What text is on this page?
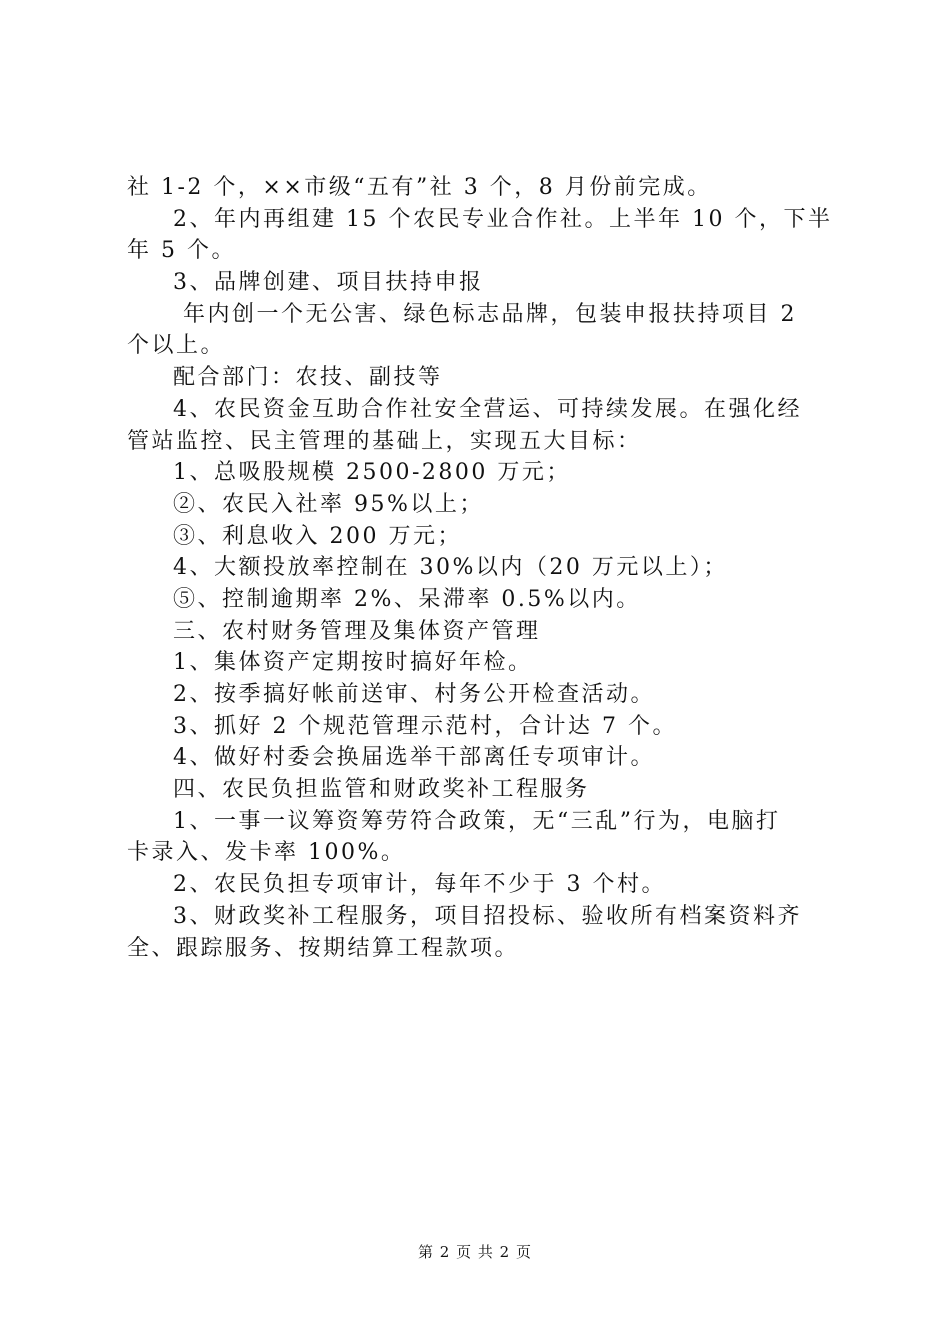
社 1-2 个，××市级“五有”社 3 个，8 月份前完成。
2、年内再组建 15 个农民专业合作社。上半年 10 个，下半
年 5 个。
3、品牌创建、项目扶持申报
年内创一个无公害、绿色标志品牌，包装申报扶持项目 2
个以上。
配合部门：农技、副技等
4、农民资金互助合作社安全营运、可持续发展。在强化经
管站监控、民主管理的基础上，实现五大目标：
1、总吸股规模 2500-2800 万元；
②、农民入社率 95%以上；
③、利息收入 200 万元；
4、大额投放率控制在 30%以内（20 万元以上）；
⑤、控制逾期率 2%、呆滞率 0.5%以内。
三、农村财务管理及集体资产管理
1、集体资产定期按时搞好年检。
2、按季搞好帐前送审、村务公开检查活动。
3、抓好 2 个规范管理示范村，合计达 7 个。
4、做好村委会换届选举干部离任专项审计。
四、农民负担监管和财政奖补工程服务
1、一事一议筹资筹劳符合政策，无“三乱”行为，电脑打
卡录入、发卡率 100%。
2、农民负担专项审计，每年不少于 3 个村。
3、财政奖补工程服务，项目招投标、验收所有档案资料齐
全、跟踪服务、按期结算工程款项。
第 2 页 共 2 页
